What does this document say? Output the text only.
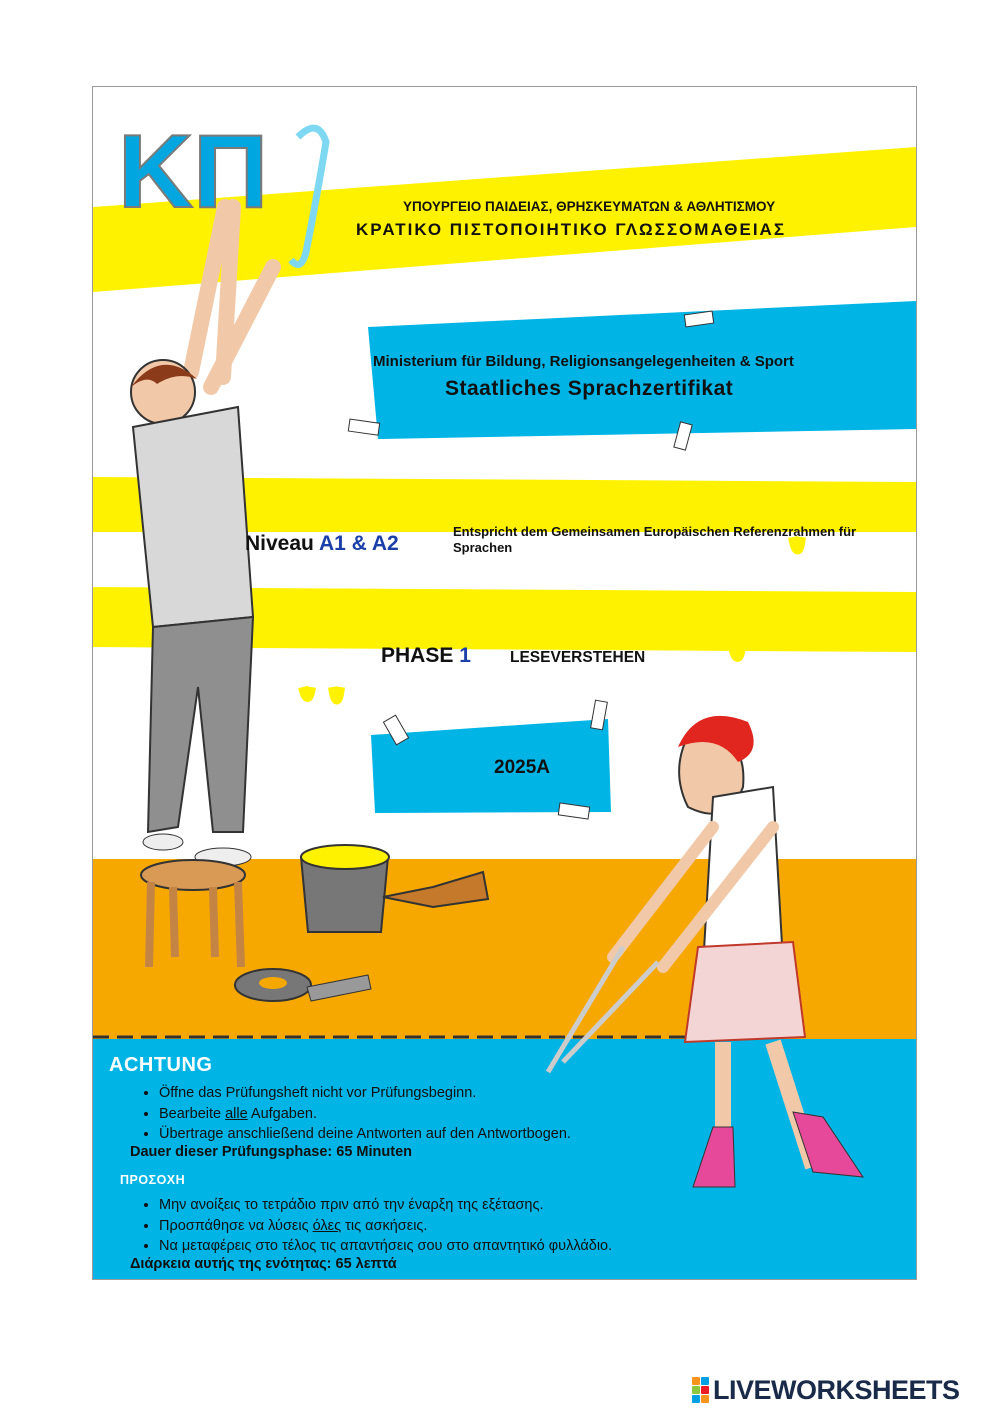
ΚΠ	ΥΠΟΥΡΓΕΙΟ ΠΑΙΔΕΙΑΣ, ΘΡΗΣΚΕΥΜΑΤΩΝ & ΑΘΛΗΤΙΣΜΟΥ
ΚΡΑΤΙΚΟ ΠΙΣΤΟΠΟΙΗΤΙΚΟ ΓΛΩΣΣΟΜΑΘΕΙΑΣ
Ministerium für Bildung, Religionsangelegenheiten & Sport
Staatliches Sprachzertifikat
Niveau A1 & A2
Entspricht dem Gemeinsamen Europäischen Referenzrahmen für Sprachen
PHASE 1	LESEVERSTEHEN
2025A
ACHTUNG
• Öffne das Prüfungsheft nicht vor Prüfungsbeginn.
• Bearbeite alle Aufgaben.
• Übertrage anschließend deine Antworten auf den Antwortbogen.
Dauer dieser Prüfungsphase: 65 Minuten
ΠΡΟΣΟΧΗ
• Μην ανοίξεις το τετράδιο πριν από την έναρξη της εξέτασης.
• Προσπάθησε να λύσεις όλες τις ασκήσεις.
• Να μεταφέρεις στο τέλος τις απαντήσεις σου στο απαντητικό φυλλάδιο.
Διάρκεια αυτής της ενότητας: 65 λεπτά
LIVEWORKSHEETS
